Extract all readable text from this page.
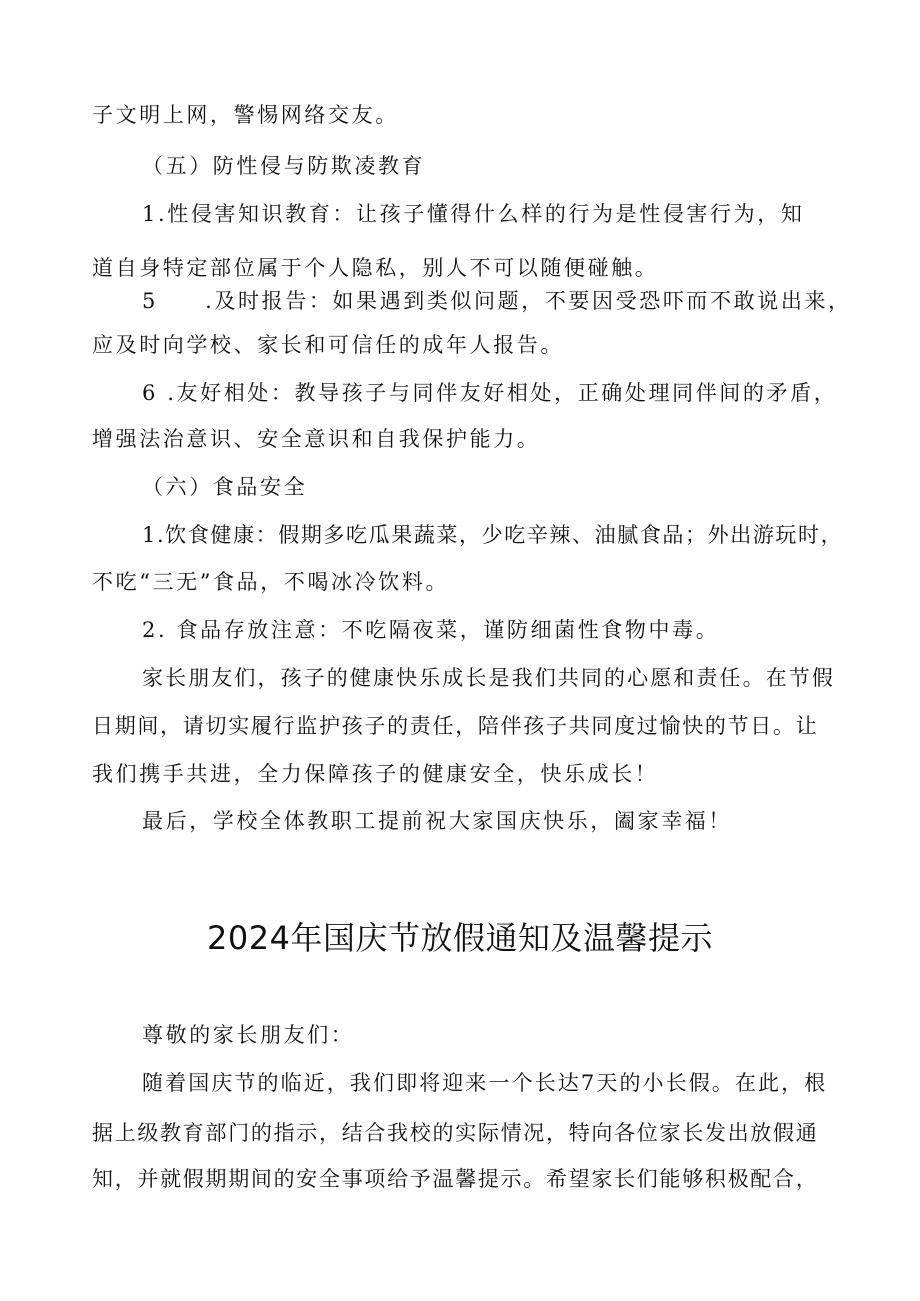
子文明上网，警惕网络交友。
（五）防性侵与防欺凌教育
1.性侵害知识教育：让孩子懂得什么样的行为是性侵害行为，知
道自身特定部位属于个人隐私，别人不可以随便碰触。
5　　.及时报告：如果遇到类似问题，不要因受恐吓而不敢说出来，
应及时向学校、家长和可信任的成年人报告。
6 .友好相处：教导孩子与同伴友好相处，正确处理同伴间的矛盾，
增强法治意识、安全意识和自我保护能力。
（六）食品安全
1.饮食健康：假期多吃瓜果蔬菜，少吃辛辣、油腻食品；外出游玩时，
不吃“三无”食品，不喝冰冷饮料。
2. 食品存放注意：不吃隔夜菜，谨防细菌性食物中毒。
家长朋友们，孩子的健康快乐成长是我们共同的心愿和责任。在节假
日期间，请切实履行监护孩子的责任，陪伴孩子共同度过愉快的节日。让
我们携手共进，全力保障孩子的健康安全，快乐成长！
最后，学校全体教职工提前祝大家国庆快乐，阖家幸福！
2024年国庆节放假通知及温馨提示
尊敬的家长朋友们：
随着国庆节的临近，我们即将迎来一个长达7天的小长假。在此，根
据上级教育部门的指示，结合我校的实际情况，特向各位家长发出放假通
知，并就假期期间的安全事项给予温馨提示。希望家长们能够积极配合，
